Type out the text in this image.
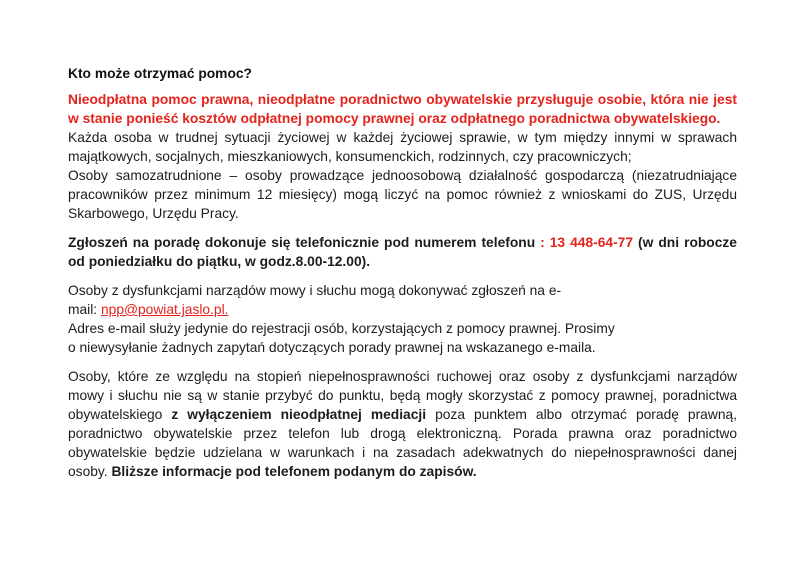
Kto może otrzymać pomoc?

Nieodpłatna pomoc prawna, nieodpłatne poradnictwo obywatelskie przysługuje osobie, która nie jest w stanie ponieść kosztów odpłatnej pomocy prawnej oraz odpłatnego poradnictwa obywatelskiego.

Każda osoba w trudnej sytuacji życiowej w każdej życiowej sprawie, w tym między innymi w sprawach majątkowych, socjalnych, mieszkaniowych, konsumenckich, rodzinnych, czy pracowniczych;

Osoby samozatrudnione – osoby prowadzące jednoosobową działalność gospodarczą (niezatrudniające pracowników przez minimum 12 miesięcy) mogą liczyć na pomoc również z wnioskami do ZUS, Urzędu Skarbowego, Urzędu Pracy.

Zgłoszeń na poradę dokonuje się telefonicznie pod numerem telefonu : 13 448-64-77 (w dni robocze od poniedziałku do piątku, w godz.8.00-12.00).

Osoby z dysfunkcjami narządów mowy i słuchu mogą dokonywać zgłoszeń na e-
mail: npp@powiat.jaslo.pl.
Adres e-mail służy jedynie do rejestracji osób, korzystających z pomocy prawnej. Prosimy
o niewysyłanie żadnych zapytań dotyczących porady prawnej na wskazanego e-maila.

Osoby, które ze względu na stopień niepełnosprawności ruchowej oraz osoby z dysfunkcjami narządów mowy i słuchu nie są w stanie przybyć do punktu, będą mogły skorzystać z pomocy prawnej, poradnictwa obywatelskiego z wyłączeniem nieodpłatnej mediacji poza punktem albo otrzymać poradę prawną, poradnictwo obywatelskie przez telefon lub drogą elektroniczną. Porada prawna oraz poradnictwo obywatelskie będzie udzielana w warunkach i na zasadach adekwatnych do niepełnosprawności danej osoby. Bliższe informacje pod telefonem podanym do zapisów.
